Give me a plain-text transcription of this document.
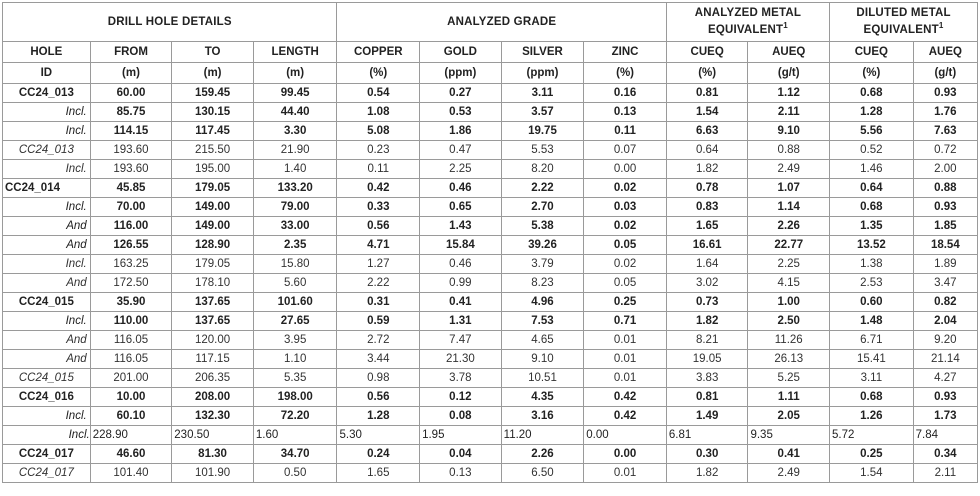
DRILL HOLE DETAILS				ANALYZED GRADE				ANALYZED METAL
EQUIVALENT$^1$		DILUTED METAL
EQUIVALENT$^1$
HOLE	FROM	TO	LENGTH	COPPER	GOLD	SILVER	ZINC	CUEQ	AUEQ	CUEQ	AUEQ
ID	(m)	(m)	(m)	(%)	(ppm)	(ppm)	(%)	(%)	(g/t)	(%)	(g/t)
CC24_013	60.00	159.45	99.45	0.54	0.27	3.11	0.16	0.81	1.12	0.68	0.93
Incl.	85.75	130.15	44.40	1.08	0.53	3.57	0.13	1.54	2.11	1.28	1.76
Incl.	114.15	117.45	3.30	5.08	1.86	19.75	0.11	6.63	9.10	5.56	7.63
CC24_013	193.60	215.50	21.90	0.23	0.47	5.53	0.07	0.64	0.88	0.52	0.72
Incl.	193.60	195.00	1.40	0.11	2.25	8.20	0.00	1.82	2.49	1.46	2.00
CC24_014	45.85	179.05	133.20	0.42	0.46	2.22	0.02	0.78	1.07	0.64	0.88
Incl.	70.00	149.00	79.00	0.33	0.65	2.70	0.03	0.83	1.14	0.68	0.93
And	116.00	149.00	33.00	0.56	1.43	5.38	0.02	1.65	2.26	1.35	1.85
And	126.55	128.90	2.35	4.71	15.84	39.26	0.05	16.61	22.77	13.52	18.54
Incl.	163.25	179.05	15.80	1.27	0.46	3.79	0.02	1.64	2.25	1.38	1.89
And	172.50	178.10	5.60	2.22	0.99	8.23	0.05	3.02	4.15	2.53	3.47
CC24_015	35.90	137.65	101.60	0.31	0.41	4.96	0.25	0.73	1.00	0.60	0.82
Incl.	110.00	137.65	27.65	0.59	1.31	7.53	0.71	1.82	2.50	1.48	2.04
And	116.05	120.00	3.95	2.72	7.47	4.65	0.01	8.21	11.26	6.71	9.20
And	116.05	117.15	1.10	3.44	21.30	9.10	0.01	19.05	26.13	15.41	21.14
CC24_015	201.00	206.35	5.35	0.98	3.78	10.51	0.01	3.83	5.25	3.11	4.27
CC24_016	10.00	208.00	198.00	0.56	0.12	4.35	0.42	0.81	1.11	0.68	0.93
Incl.	60.10	132.30	72.20	1.28	0.08	3.16	0.42	1.49	2.05	1.26	1.73
Incl.	228.90	230.50	1.60	5.30	1.95	11.20	0.00	6.81	9.35	5.72	7.84
CC24_017	46.60	81.30	34.70	0.24	0.04	2.26	0.00	0.30	0.41	0.25	0.34
CC24_017	101.40	101.90	0.50	1.65	0.13	6.50	0.01	1.82	2.49	1.54	2.11
